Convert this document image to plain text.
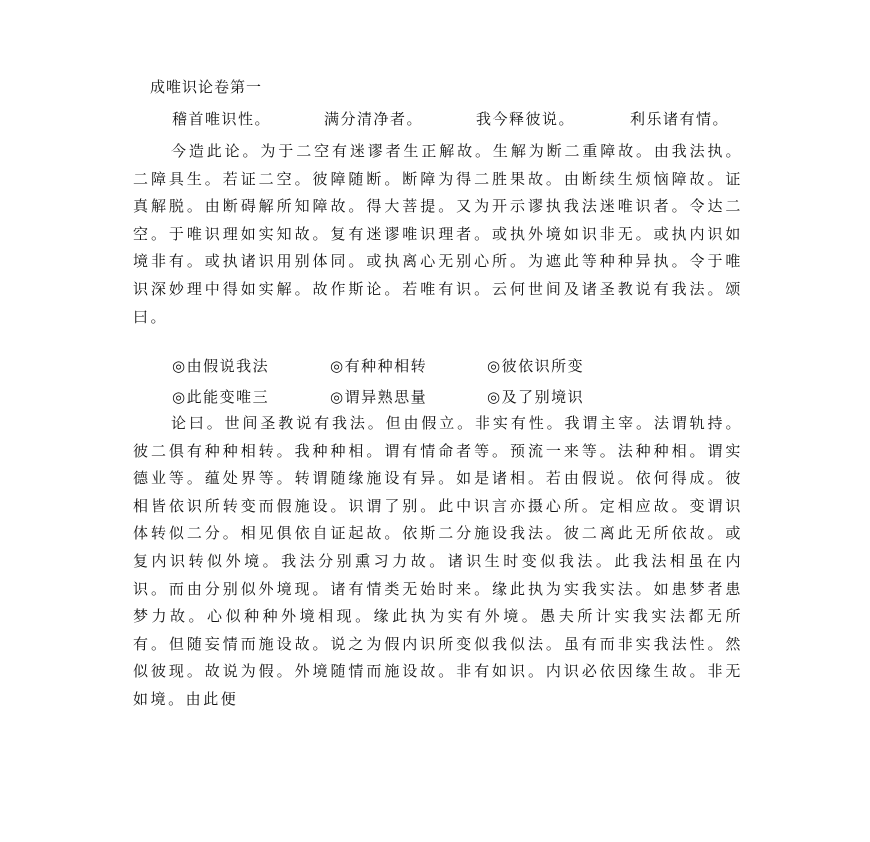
成唯识论卷第一
稽首唯识性。	满分清净者。	我今释彼说。	利乐诸有情。

今造此论。为于二空有迷谬者生正解故。生解为断二重障故。由我法执。二障具生。若证二空。彼障随断。断障为得二胜果故。由断续生烦恼障故。证真解脱。由断碍解所知障故。得大菩提。又为开示谬执我法迷唯识者。令达二空。于唯识理如实知故。复有迷谬唯识理者。或执外境如识非无。或执内识如境非有。或执诸识用别体同。或执离心无别心所。为遮此等种种异执。令于唯识深妙理中得如实解。故作斯论。若唯有识。云何世间及诸圣教说有我法。颂曰。

◎由假说我法	◎有种种相转	◎彼依识所变
◎此能变唯三	◎谓异熟思量	◎及了别境识

论曰。世间圣教说有我法。但由假立。非实有性。我谓主宰。法谓轨持。彼二俱有种种相转。我种种相。谓有情命者等。预流一来等。法种种相。谓实德业等。蕴处界等。转谓随缘施设有异。如是诸相。若由假说。依何得成。彼相皆依识所转变而假施设。识谓了别。此中识言亦摄心所。定相应故。变谓识体转似二分。相见俱依自证起故。依斯二分施设我法。彼二离此无所依故。或复内识转似外境。我法分别熏习力故。诸识生时变似我法。此我法相虽在内识。而由分别似外境现。诸有情类无始时来。缘此执为实我实法。如患梦者患梦力故。心似种种外境相现。缘此执为实有外境。愚夫所计实我实法都无所有。但随妄情而施设故。说之为假内识所变似我似法。虽有而非实我法性。然似彼现。故说为假。外境随情而施设故。非有如识。内识必依因缘生故。非无如境。由此便
